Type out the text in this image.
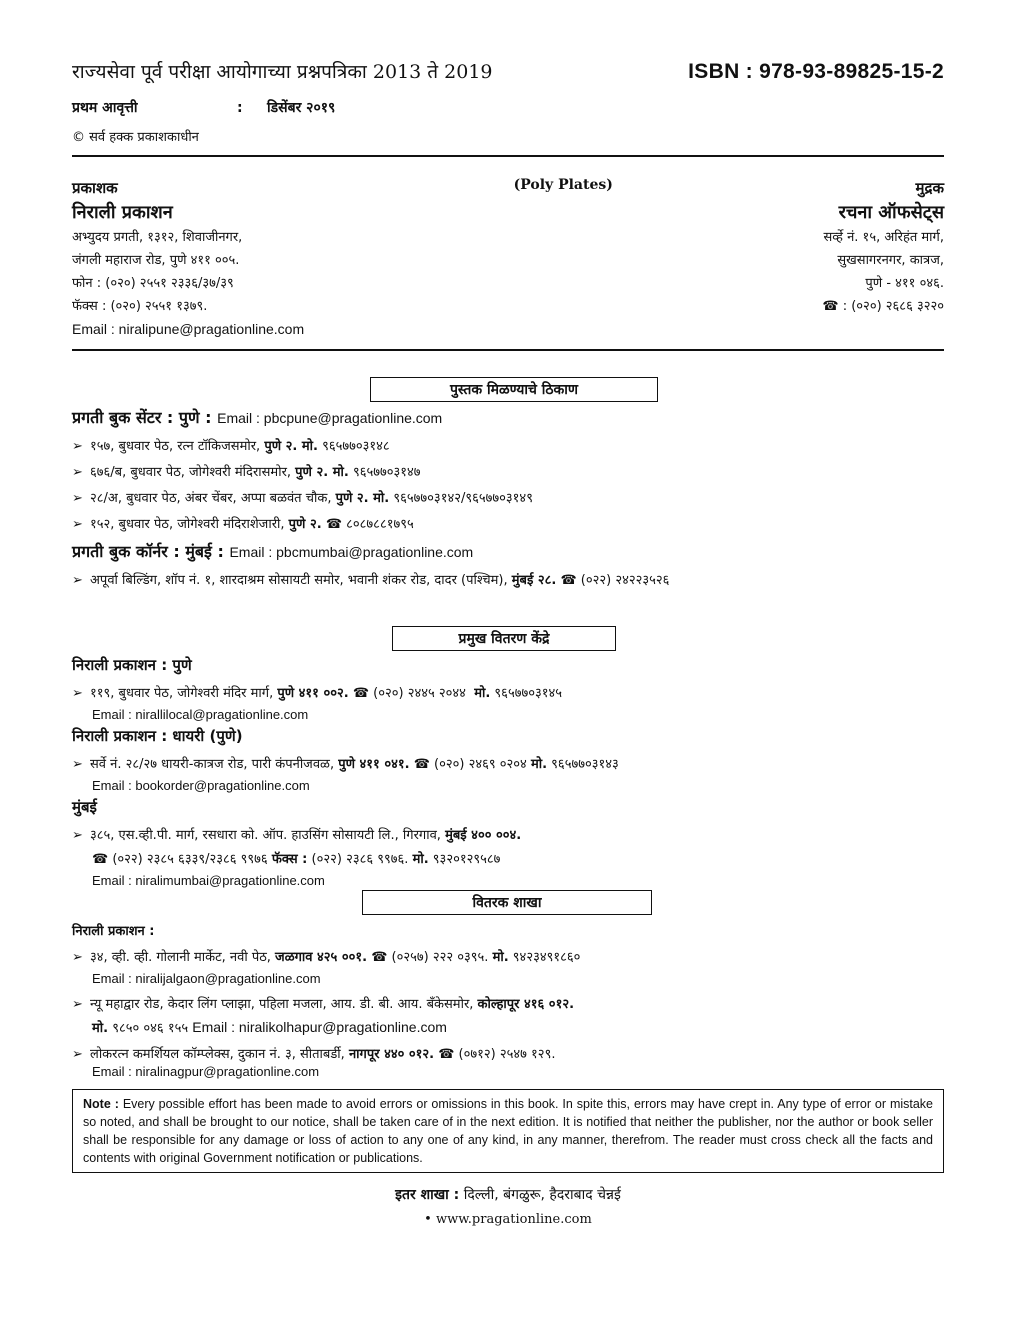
राज्यसेवा पूर्व परीक्षा आयोगाच्या प्रश्नपत्रिका 2013 ते 2019	ISBN : 978-93-89825-15-2
प्रथम आवृत्ती	: डिसेंबर २०१९
© सर्व हक्क प्रकाशकाधीन
प्रकाशक
निराली प्रकाशन
अभ्युदय प्रगती, १३१२, शिवाजीनगर,
जंगली महाराज रोड, पुणे ४११ ००५.
फोन : (०२०) २५५१ २३३६/३७/३९
फॅक्स : (०२०) २५५१ १३७९.
Email : niralipune@pragationline.com
(Poly Plates)	मुद्रक
रचना ऑफसेट्स
सर्व्हे नं. १५, अरिहंत मार्ग,
सुखसागरनगर, कात्रज,
पुणे - ४११ ०४६.
☎ : (०२०) २६८६ ३२२०
पुस्तक मिळण्याचे ठिकाण
प्रगती बुक सेंटर : पुणे : Email : pbcpune@pragationline.com
➢ १५७, बुधवार पेठ, रत्न टॉकिजसमोर, पुणे २. मो. ९६५७७०३१४८
➢ ६७६/ब, बुधवार पेठ, जोगेश्वरी मंदिरासमोर, पुणे २. मो. ९६५७७०३१४७
➢ २८/अ, बुधवार पेठ, अंबर चेंबर, अप्पा बळवंत चौक, पुणे २. मो. ९६५७७०३१४२/९६५७७०३१४९
➢ १५२, बुधवार पेठ, जोगेश्वरी मंदिराशेजारी, पुणे २. ☎ ८०८७८८१७९५
प्रगती बुक कॉर्नर : मुंबई : Email : pbcmumbai@pragationline.com
➢ अपूर्वा बिल्डिंग, शॉप नं. १, शारदाश्रम सोसायटी समोर, भवानी शंकर रोड, दादर (पश्चिम), मुंबई २८. ☎ (०२२) २४२२३५२६
प्रमुख वितरण केंद्रे
निराली प्रकाशन : पुणे
➢ ११९, बुधवार पेठ, जोगेश्वरी मंदिर मार्ग, पुणे ४११ ००२. ☎ (०२०) २४४५ २०४४ मो. ९६५७७०३१४५
Email : nirallilocal@pragationline.com
निराली प्रकाशन : धायरी (पुणे)
➢ सर्वे नं. २८/२७ धायरी-कात्रज रोड, पारी कंपनीजवळ, पुणे ४११ ०४१. ☎ (०२०) २४६९ ०२०४ मो. ९६५७७०३१४३
Email : bookorder@pragationline.com
मुंबई
➢ ३८५, एस.व्ही.पी. मार्ग, रसधारा को. ऑप. हाउसिंग सोसायटी लि., गिरगाव, मुंबई ४०० ००४.
☎ (०२२) २३८५ ६३३९/२३८६ ९९७६ फॅक्स : (०२२) २३८६ ९९७६. मो. ९३२०१२९५८७
Email : niralimumbai@pragationline.com
वितरक शाखा
निराली प्रकाशन :
➢ ३४, व्ही. व्ही. गोलानी मार्केट, नवी पेठ, जळगाव ४२५ ००१. ☎ (०२५७) २२२ ०३९५. मो. ९४२३४९१८६०
Email : niralijalgaon@pragationline.com
➢ न्यू महाद्वार रोड, केदार लिंग प्लाझा, पहिला मजला, आय. डी. बी. आय. बँकेसमोर, कोल्हापूर ४१६ ०१२.
मो. ९८५० ०४६ १५५ Email : niralikolhapur@pragationline.com
➢ लोकरत्न कमर्शियल कॉम्प्लेक्स, दुकान नं. ३, सीताबर्डी, नागपूर ४४० ०१२. ☎ (०७१२) २५४७ १२९.
Email : niralinagpur@pragationline.com
Note : Every possible effort has been made to avoid errors or omissions in this book. In spite this, errors may have crept in. Any type of error or mistake so noted, and shall be brought to our notice, shall be taken care of in the next edition. It is notified that neither the publisher, nor the author or book seller shall be responsible for any damage or loss of action to any one of any kind, in any manner, therefrom. The reader must cross check all the facts and contents with original Government notification or publications.
इतर शाखा : दिल्ली, बंगळुरू, हैदराबाद चेन्नई
• www.pragationline.com
